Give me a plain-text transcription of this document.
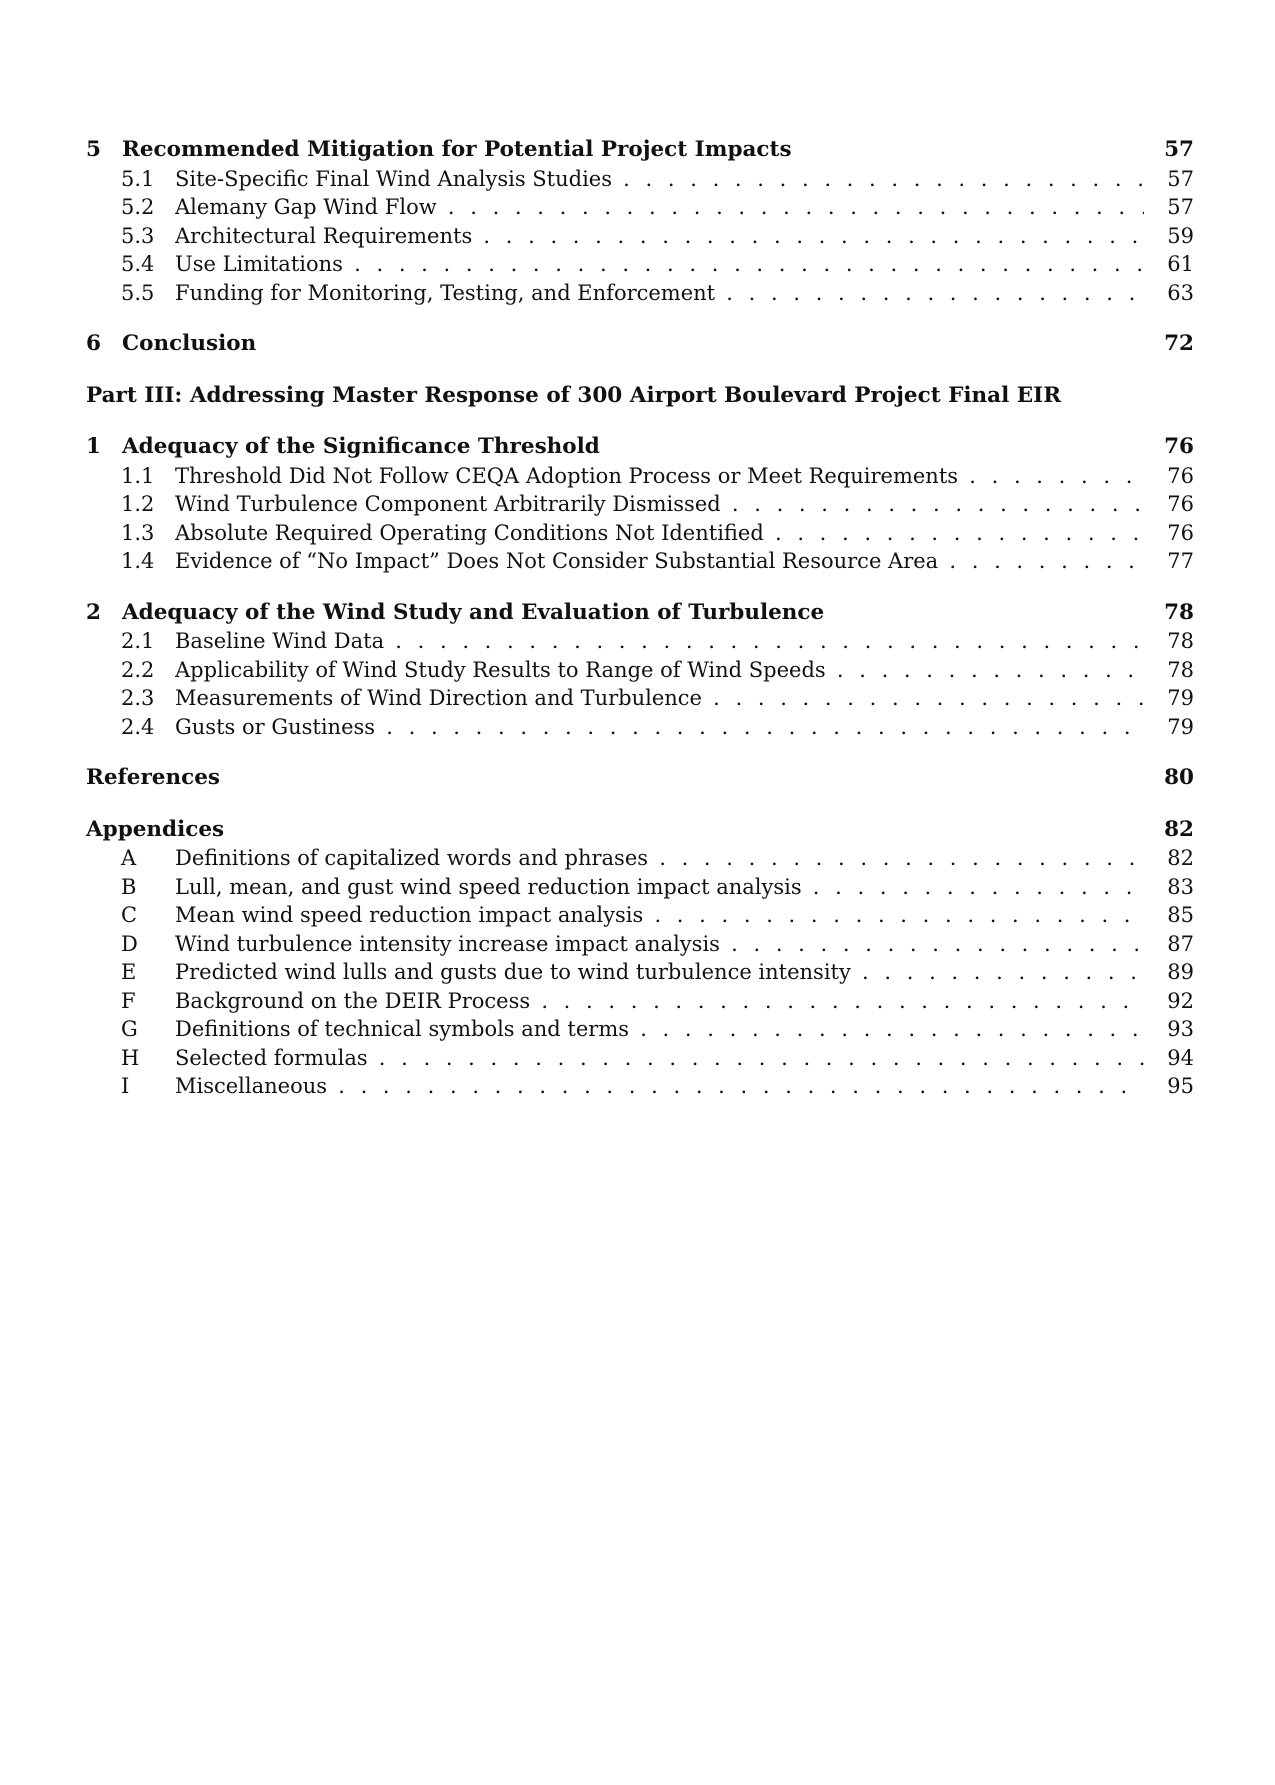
5 Recommended Mitigation for Potential Project Impacts	57
5.1 Site-Specific Final Wind Analysis Studies . . .	57
5.2 Alemany Gap Wind Flow . . .	57
5.3 Architectural Requirements . . .	59
5.4 Use Limitations . . .	61
5.5 Funding for Monitoring, Testing, and Enforcement . . .	63
6 Conclusion	72
Part III: Addressing Master Response of 300 Airport Boulevard Project Final EIR
1 Adequacy of the Significance Threshold	76
1.1 Threshold Did Not Follow CEQA Adoption Process or Meet Requirements . . .	76
1.2 Wind Turbulence Component Arbitrarily Dismissed . . .	76
1.3 Absolute Required Operating Conditions Not Identified . . .	76
1.4 Evidence of “No Impact” Does Not Consider Substantial Resource Area . . .	77
2 Adequacy of the Wind Study and Evaluation of Turbulence	78
2.1 Baseline Wind Data . . .	78
2.2 Applicability of Wind Study Results to Range of Wind Speeds . . .	78
2.3 Measurements of Wind Direction and Turbulence . . .	79
2.4 Gusts or Gustiness . . .	79
References	80
Appendices	82
A Definitions of capitalized words and phrases . . .	82
B Lull, mean, and gust wind speed reduction impact analysis . . .	83
C Mean wind speed reduction impact analysis . . .	85
D Wind turbulence intensity increase impact analysis . . .	87
E Predicted wind lulls and gusts due to wind turbulence intensity . . .	89
F Background on the DEIR Process . . .	92
G Definitions of technical symbols and terms . . .	93
H Selected formulas . . .	94
I Miscellaneous . . .	95
